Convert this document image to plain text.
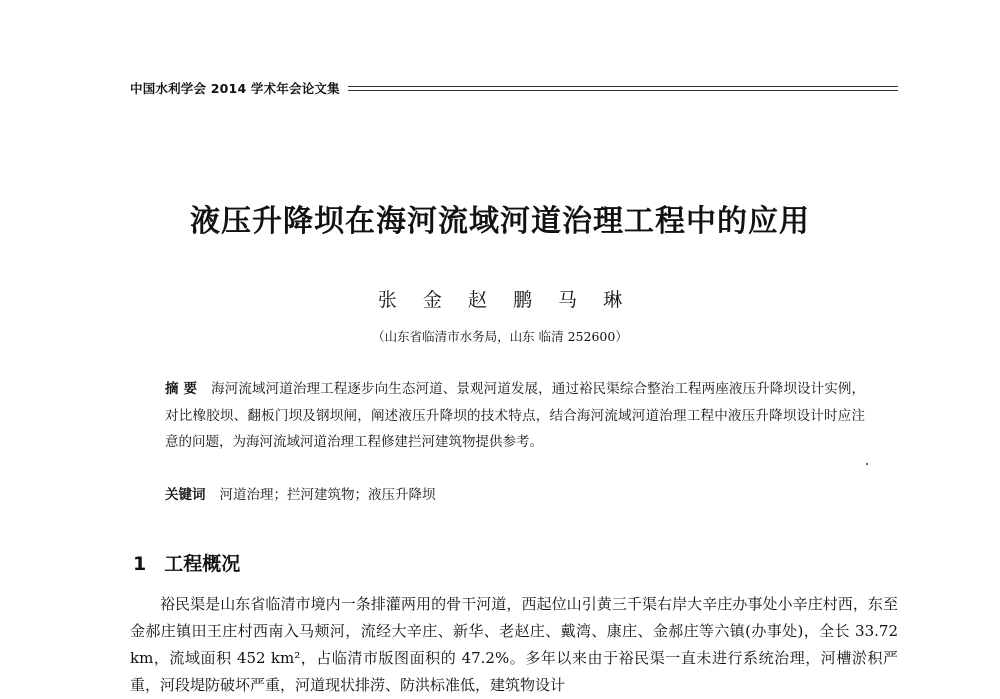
中国水利学会 2014 学术年会论文集
液压升降坝在海河流域河道治理工程中的应用
张 金 赵 鹏 马 琳
（山东省临清市水务局，山东 临清 252600）
摘 要 海河流域河道治理工程逐步向生态河道、景观河道发展，通过裕民渠综合整治工程两座液压升降坝设计实例，对比橡胶坝、翻板门坝及钢坝闸，阐述液压升降坝的技术特点，结合海河流域河道治理工程中液压升降坝设计时应注意的问题，为海河流域河道治理工程修建拦河建筑物提供参考。
关键词 河道治理；拦河建筑物；液压升降坝
1 工程概况
裕民渠是山东省临清市境内一条排灌两用的骨干河道，西起位山引黄三千渠右岸大辛庄办事处小辛庄村西，东至金郝庄镇田王庄村西南入马颊河，流经大辛庄、新华、老赵庄、戴湾、康庄、金郝庄等六镇(办事处)，全长 33.72 km，流域面积 452 km²，占临清市版图面积的 47.2%。多年以来由于裕民渠一直未进行系统治理，河槽淤积严重，河段堤防破坏严重，河道现状排涝、防洪标准低，建筑物设计
